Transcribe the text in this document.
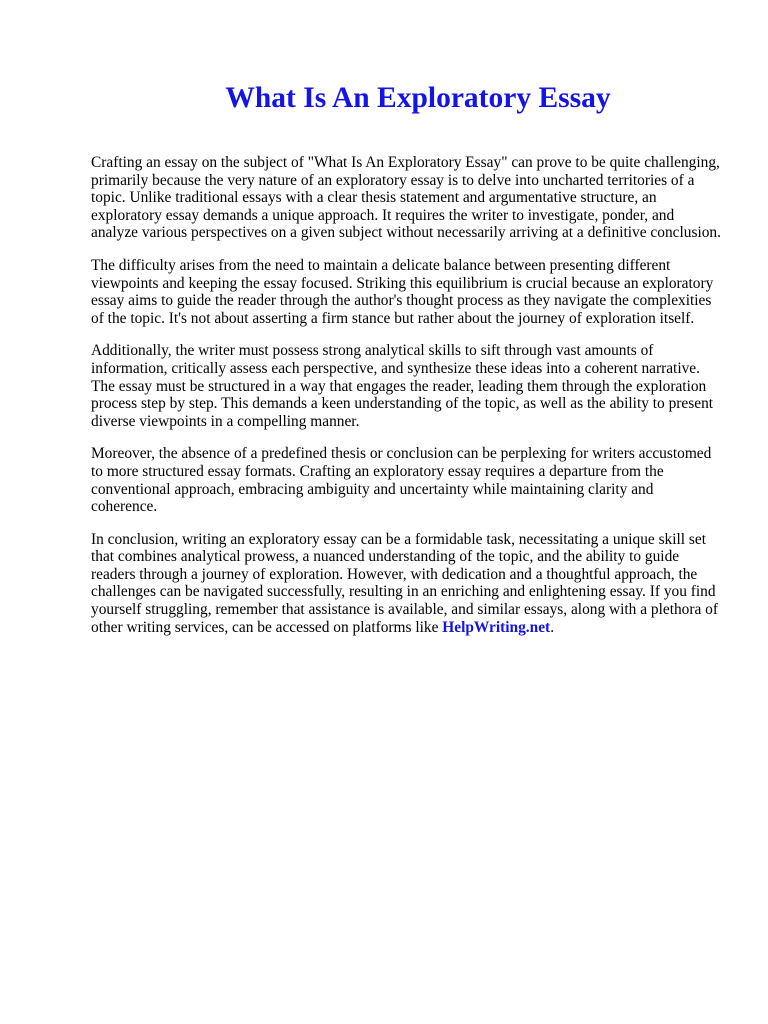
What Is An Exploratory Essay

Crafting an essay on the subject of "What Is An Exploratory Essay" can prove to be quite challenging, primarily because the very nature of an exploratory essay is to delve into uncharted territories of a topic. Unlike traditional essays with a clear thesis statement and argumentative structure, an exploratory essay demands a unique approach. It requires the writer to investigate, ponder, and analyze various perspectives on a given subject without necessarily arriving at a definitive conclusion.

The difficulty arises from the need to maintain a delicate balance between presenting different viewpoints and keeping the essay focused. Striking this equilibrium is crucial because an exploratory essay aims to guide the reader through the author's thought process as they navigate the complexities of the topic. It's not about asserting a firm stance but rather about the journey of exploration itself.

Additionally, the writer must possess strong analytical skills to sift through vast amounts of information, critically assess each perspective, and synthesize these ideas into a coherent narrative. The essay must be structured in a way that engages the reader, leading them through the exploration process step by step. This demands a keen understanding of the topic, as well as the ability to present diverse viewpoints in a compelling manner.

Moreover, the absence of a predefined thesis or conclusion can be perplexing for writers accustomed to more structured essay formats. Crafting an exploratory essay requires a departure from the conventional approach, embracing ambiguity and uncertainty while maintaining clarity and coherence.

In conclusion, writing an exploratory essay can be a formidable task, necessitating a unique skill set that combines analytical prowess, a nuanced understanding of the topic, and the ability to guide readers through a journey of exploration. However, with dedication and a thoughtful approach, the challenges can be navigated successfully, resulting in an enriching and enlightening essay. If you find yourself struggling, remember that assistance is available, and similar essays, along with a plethora of other writing services, can be accessed on platforms like HelpWriting.net.
